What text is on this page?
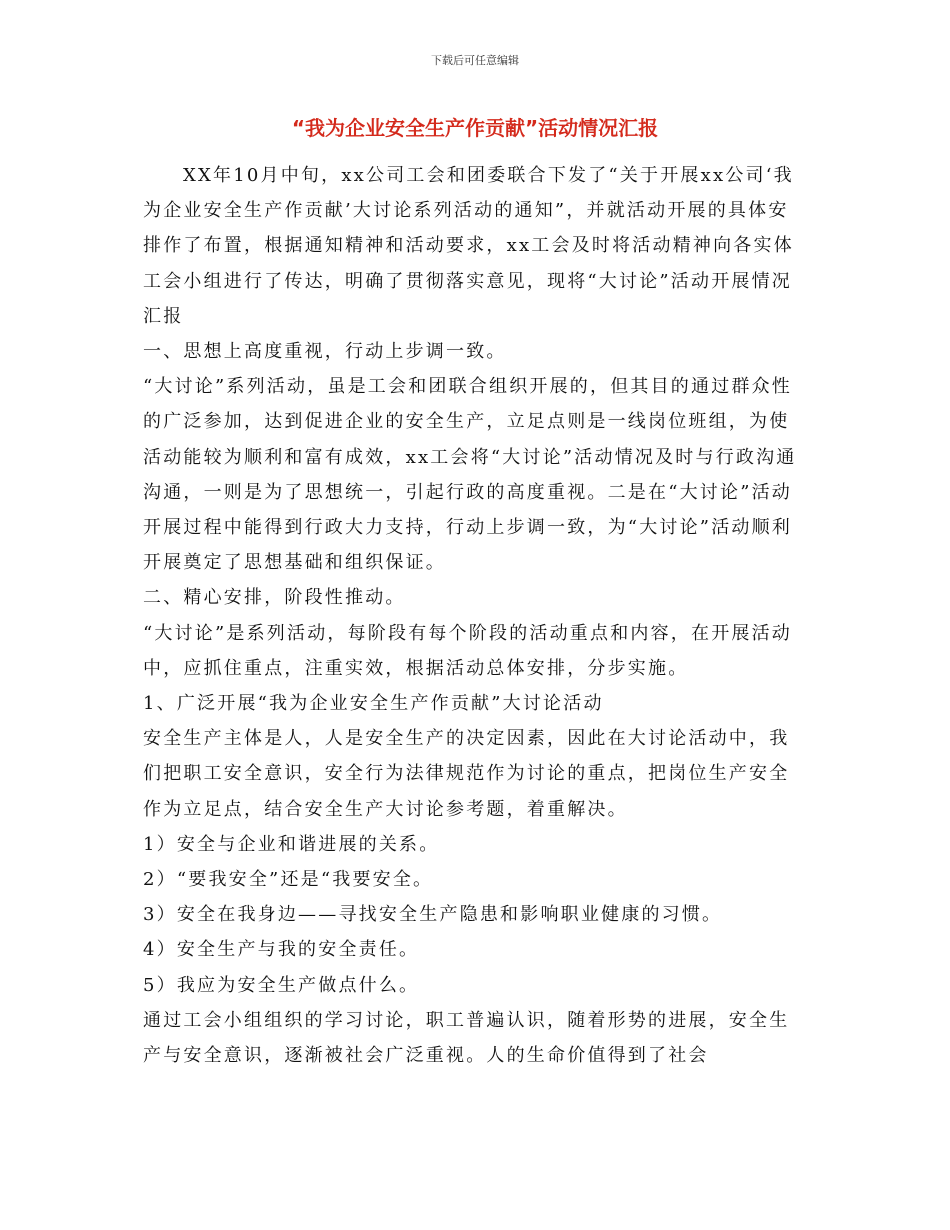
下载后可任意编辑
“我为企业安全生产作贡献”活动情况汇报

XX年10月中旬，xx公司工会和团委联合下发了“关于开展xx公司‘我为企业安全生产作贡献’大讨论系列活动的通知”，并就活动开展的具体安排作了布置，根据通知精神和活动要求，xx工会及时将活动精神向各实体工会小组进行了传达，明确了贯彻落实意见，现将“大讨论”活动开展情况汇报

一、思想上高度重视，行动上步调一致。

“大讨论”系列活动，虽是工会和团联合组织开展的，但其目的通过群众性的广泛参加，达到促进企业的安全生产，立足点则是一线岗位班组，为使活动能较为顺利和富有成效，xx工会将“大讨论”活动情况及时与行政沟通沟通，一则是为了思想统一，引起行政的高度重视。二是在“大讨论”活动开展过程中能得到行政大力支持，行动上步调一致，为“大讨论”活动顺利开展奠定了思想基础和组织保证。

二、精心安排，阶段性推动。

“大讨论”是系列活动，每阶段有每个阶段的活动重点和内容，在开展活动中，应抓住重点，注重实效，根据活动总体安排，分步实施。

1、广泛开展“我为企业安全生产作贡献”大讨论活动

安全生产主体是人，人是安全生产的决定因素，因此在大讨论活动中，我们把职工安全意识，安全行为法律规范作为讨论的重点，把岗位生产安全作为立足点，结合安全生产大讨论参考题，着重解决。

1）安全与企业和谐进展的关系。

2）“要我安全”还是“我要安全。

3）安全在我身边——寻找安全生产隐患和影响职业健康的习惯。

4）安全生产与我的安全责任。

5）我应为安全生产做点什么。

通过工会小组组织的学习讨论，职工普遍认识，随着形势的进展，安全生产与安全意识，逐渐被社会广泛重视。人的生命价值得到了社会
